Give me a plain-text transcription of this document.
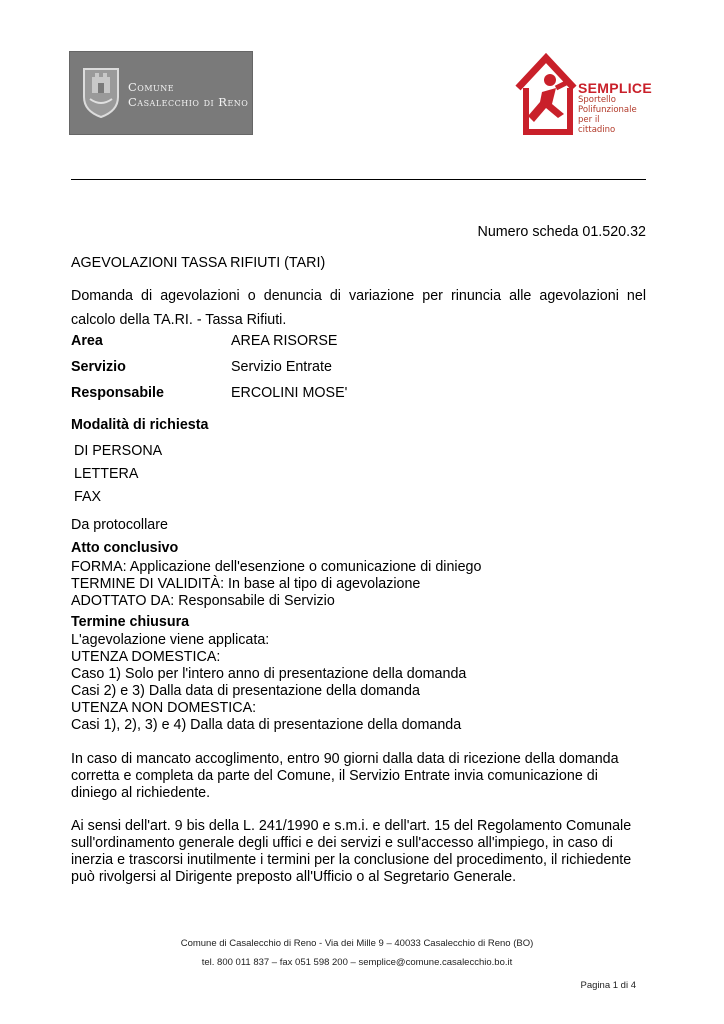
Comune
Casalecchio di Reno
SEMPLICE
Sportello
Polifunzionale
per il
cittadino
Numero scheda 01.520.32
AGEVOLAZIONI TASSA RIFIUTI (TARI)
Domanda di agevolazioni o denuncia di variazione per rinuncia alle agevolazioni nel
calcolo della TA.RI. - Tassa Rifiuti.
Area	AREA RISORSE
Servizio	Servizio Entrate
Responsabile	ERCOLINI MOSE'
Modalità di richiesta
DI PERSONA
LETTERA
FAX
Da protocollare
Atto conclusivo
FORMA: Applicazione dell'esenzione o comunicazione di diniego
TERMINE DI VALIDITÀ: In base al tipo di agevolazione
ADOTTATO DA: Responsabile di Servizio
Termine chiusura
L'agevolazione viene applicata:
UTENZA DOMESTICA:
Caso 1) Solo per l'intero anno di presentazione della domanda
Casi 2) e 3) Dalla data di presentazione della domanda
UTENZA NON DOMESTICA:
Casi 1), 2), 3) e 4) Dalla data di presentazione della domanda
In caso di mancato accoglimento, entro 90 giorni dalla data di ricezione della domanda
corretta e completa da parte del Comune, il Servizio Entrate invia comunicazione di
diniego al richiedente.
Ai sensi dell'art. 9 bis della L. 241/1990 e s.m.i. e dell'art. 15 del Regolamento Comunale
sull'ordinamento generale degli uffici e dei servizi e sull'accesso all'impiego, in caso di
inerzia e trascorsi inutilmente i termini per la conclusione del procedimento, il richiedente
può rivolgersi al Dirigente preposto all'Ufficio o al Segretario Generale.
Comune di Casalecchio di Reno - Via dei Mille 9 – 40033 Casalecchio di Reno (BO)
tel. 800 011 837 – fax 051 598 200 – semplice@comune.casalecchio.bo.it
Pagina 1 di 4
